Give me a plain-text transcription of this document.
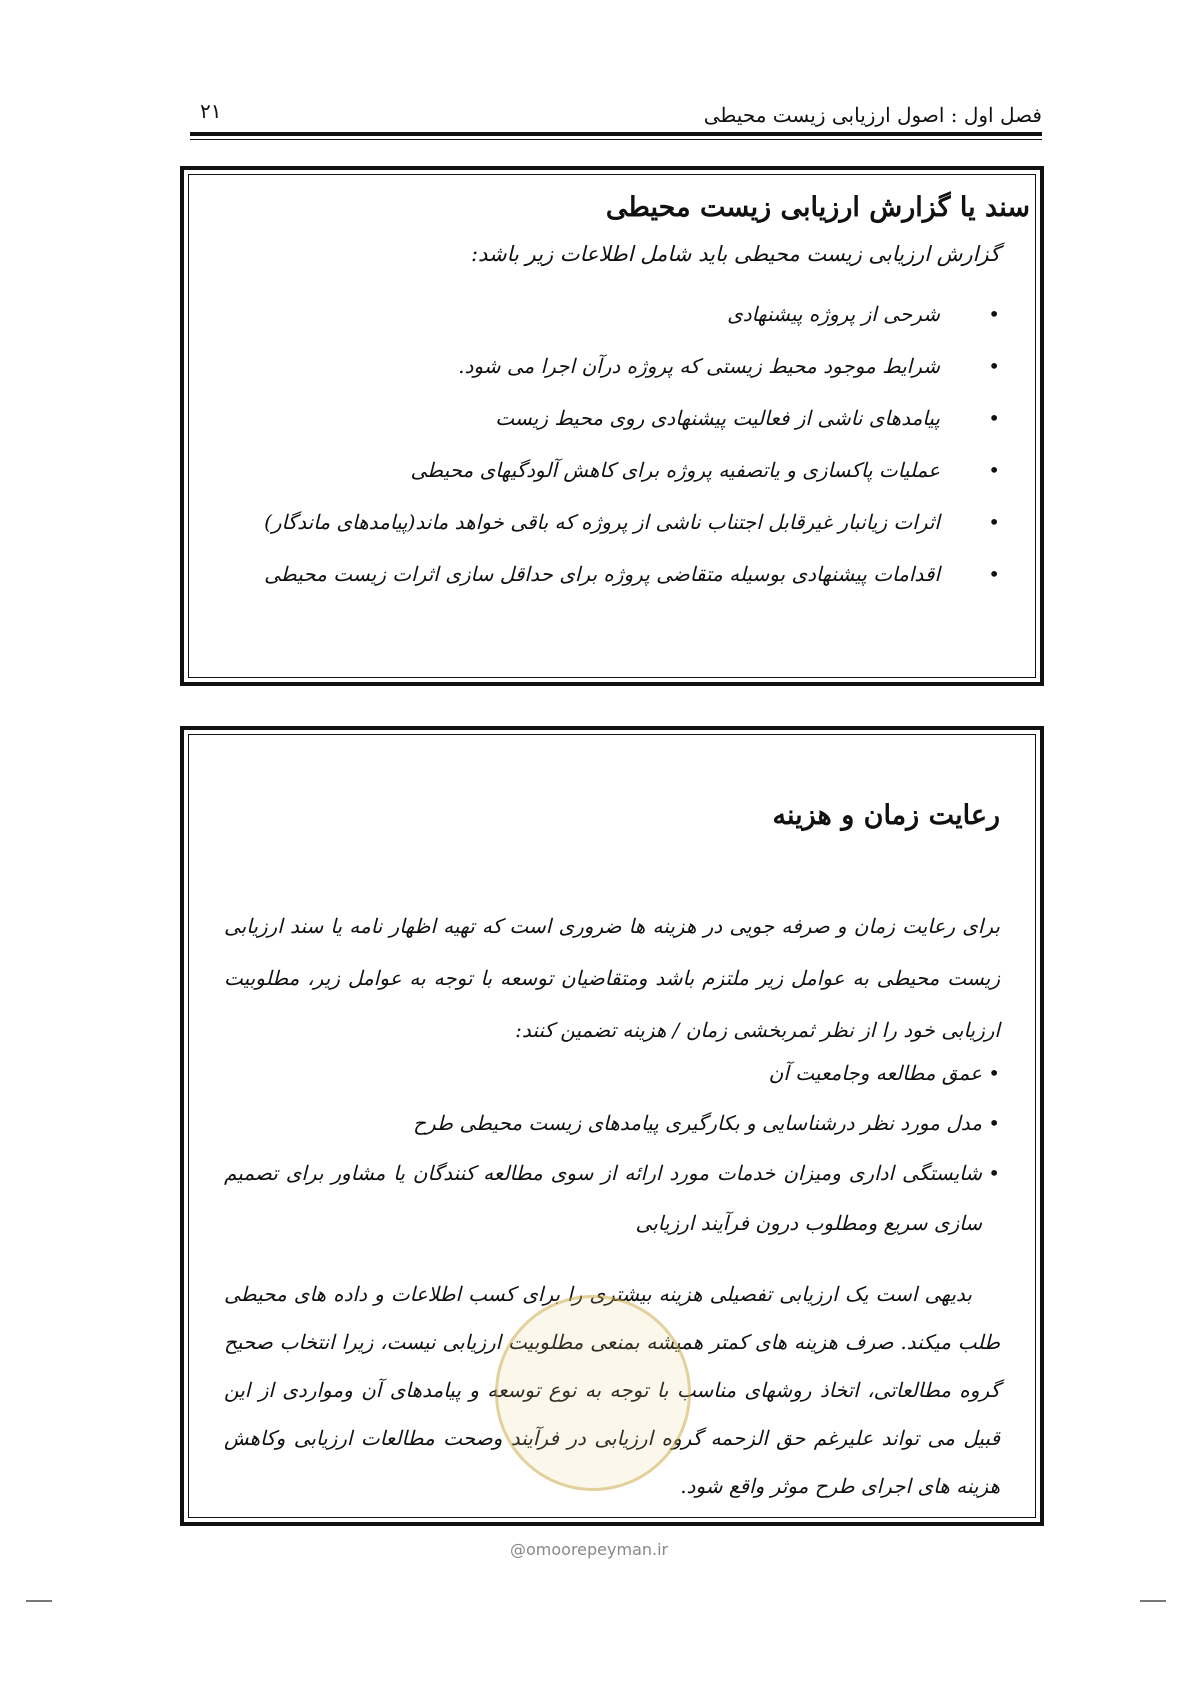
فصل اول : اصول ارزیابی زیست محیطی
۲۱
سند یا گزارش ارزیابی زیست محیطی
گزارش ارزیابی زیست محیطی باید شامل اطلاعات زیر باشد:
•
شرحی از پروژه پیشنهادی
•
شرایط موجود محیط زیستی که پروژه درآن اجرا می شود.
•
پیامدهای ناشی از فعالیت پیشنهادی روی محیط زیست
•
عملیات پاکسازی و یاتصفیه پروژه برای کاهش آلودگیهای محیطی
•
اثرات زیانبار غیرقابل اجتناب ناشی از پروژه که باقی خواهد ماند(پیامدهای ماندگار)
•
اقدامات پیشنهادی بوسیله متقاضی پروژه برای حداقل سازی اثرات زیست محیطی
رعایت زمان و هزینه

برای رعایت زمان و صرفه جویی در هزینه ها ضروری است که تهیه اظهار نامه یا سند ارزیابی زیست محیطی به عوامل زیر ملتزم باشد ومتقاضیان توسعه با توجه به عوامل زیر، مطلوبیت ارزیابی خود را از نظر ثمربخشی زمان / هزینه تضمین کنند:

•
عمق مطالعه وجامعیت آن
•
مدل مورد نظر درشناسایی و بکارگیری پیامدهای زیست محیطی طرح
•
شایستگی اداری ومیزان خدمات مورد ارائه از سوی مطالعه کنندگان یا مشاور برای تصمیم سازی سریع ومطلوب درون فرآیند ارزیابی

بدیهی است یک ارزیابی تفصیلی هزینه بیشتری را برای کسب اطلاعات و داده های محیطی طلب میکند. صرف هزینه های کمتر همیشه بمنعی مطلوبیت ارزیابی نیست، زیرا انتخاب صحیح گروه مطالعاتی، اتخاذ روشهای مناسب با توجه به نوع توسعه و پیامدهای آن ومواردی از این قبیل می تواند علیرغم حق الزحمه گروه ارزیابی در فرآیند وصحت مطالعات ارزیابی وکاهش هزینه های اجرای طرح موثر واقع شود.

@omoorepeyman.ir
